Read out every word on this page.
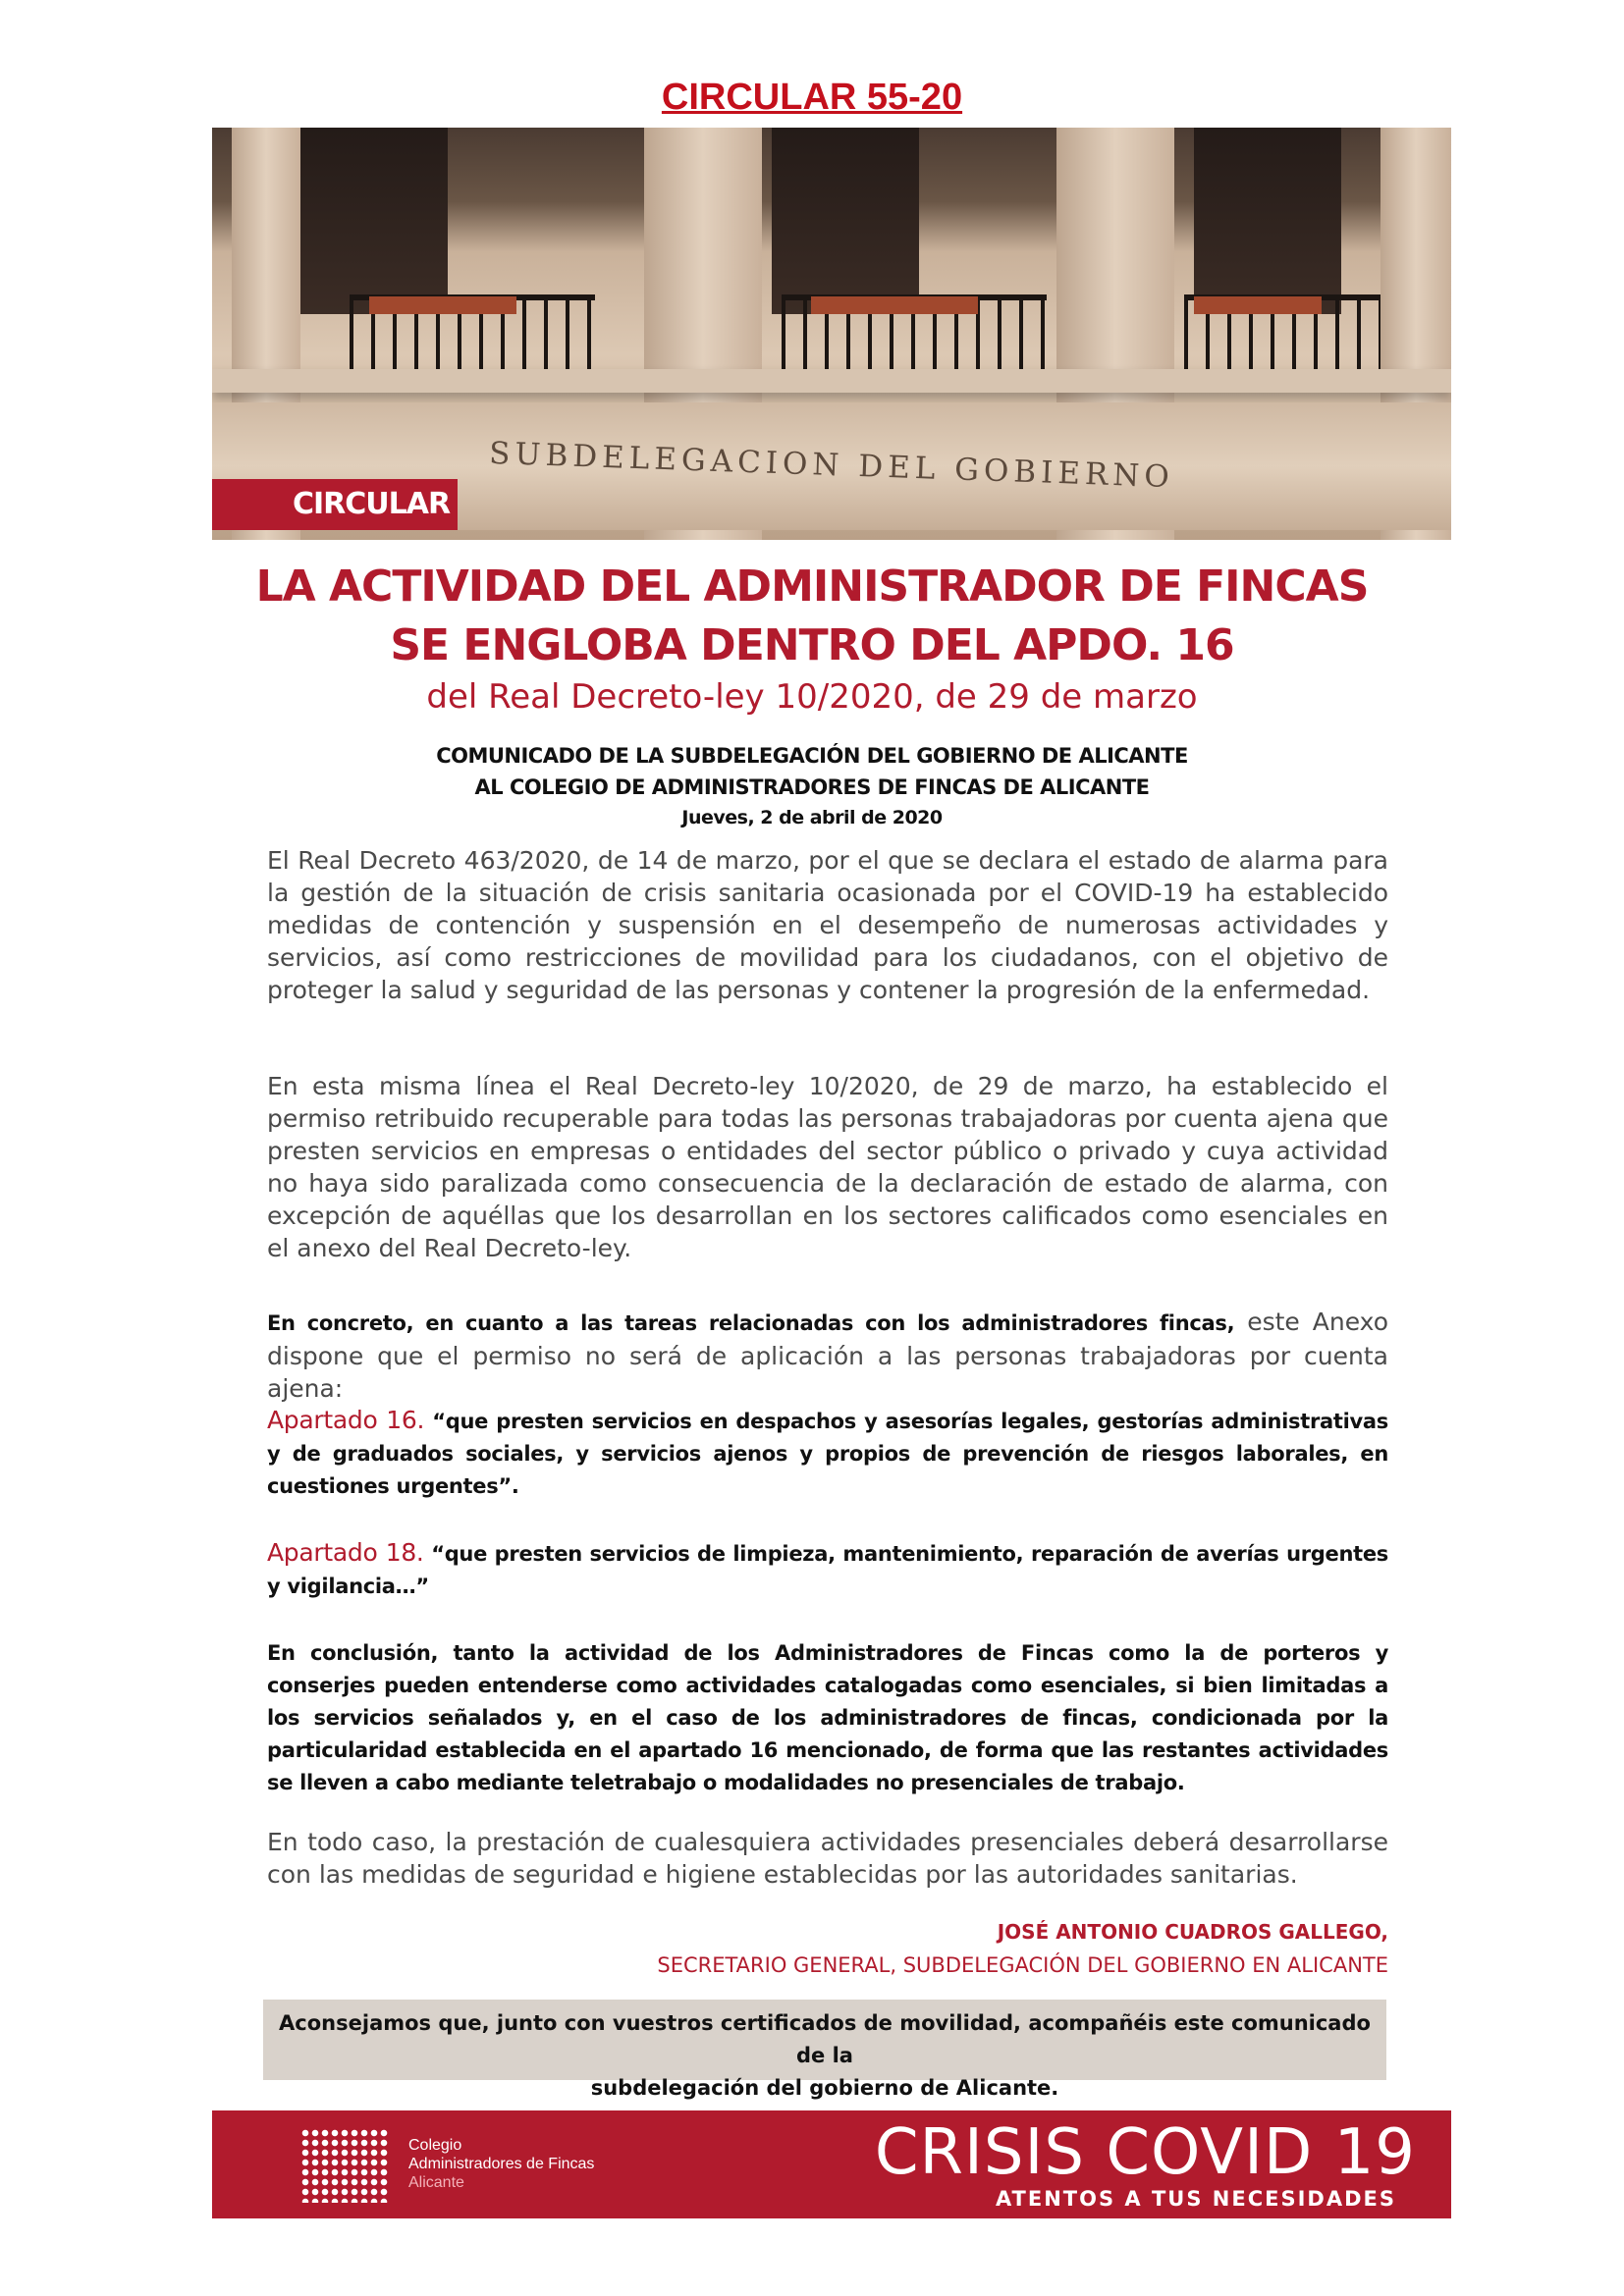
CIRCULAR 55-20
SUBDELEGACION DEL GOBIERNO
CIRCULAR
LA ACTIVIDAD DEL ADMINISTRADOR DE FINCAS
SE ENGLOBA DENTRO DEL APDO. 16
del Real Decreto-ley 10/2020, de 29 de marzo
COMUNICADO DE LA SUBDELEGACIÓN DEL GOBIERNO DE ALICANTE
AL COLEGIO DE ADMINISTRADORES DE FINCAS DE ALICANTE
Jueves, 2 de abril de 2020
El Real Decreto 463/2020, de 14 de marzo, por el que se declara el estado de alarma para la gestión de la situación de crisis sanitaria ocasionada por el COVID-19 ha establecido medidas de contención y suspensión en el desempeño de numerosas actividades y servicios, así como restricciones de movilidad para los ciudadanos, con el objetivo de proteger la salud y seguridad de las personas y contener la progresión de la enfermedad.
En esta misma línea el Real Decreto-ley 10/2020, de 29 de marzo, ha establecido el permiso retribuido recuperable para todas las personas trabajadoras por cuenta ajena que presten servicios en empresas o entidades del sector público o privado y cuya actividad no haya sido paralizada como consecuencia de la declaración de estado de alarma, con excepción de aquéllas que los desarrollan en los sectores calificados como esenciales en el anexo del Real Decreto-ley.
En concreto, en cuanto a las tareas relacionadas con los administradores fincas, este Anexo dispone que el permiso no será de aplicación a las personas trabajadoras por cuenta ajena:
Apartado 16. “que presten servicios en despachos y asesorías legales, gestorías administrativas y de graduados sociales, y servicios ajenos y propios de prevención de riesgos laborales, en cuestiones urgentes”.
Apartado 18. “que presten servicios de limpieza, mantenimiento, reparación de averías urgentes y vigilancia…”
En conclusión, tanto la actividad de los Administradores de Fincas como la de porteros y conserjes pueden entenderse como actividades catalogadas como esenciales, si bien limitadas a los servicios señalados y, en el caso de los administradores de fincas, condicionada por la particularidad establecida en el apartado 16 mencionado, de forma que las restantes actividades se lleven a cabo mediante teletrabajo o modalidades no presenciales de trabajo.
En todo caso, la prestación de cualesquiera actividades presenciales deberá desarrollarse con las medidas de seguridad e higiene establecidas por las autoridades sanitarias.
JOSÉ ANTONIO CUADROS GALLEGO,
SECRETARIO GENERAL, SUBDELEGACIÓN DEL GOBIERNO EN ALICANTE
Aconsejamos que, junto con vuestros certificados de movilidad, acompañéis este comunicado de la
subdelegación del gobierno de Alicante.
Colegio
Administradores de Fincas
Alicante	CRISIS COVID 19
ATENTOS A TUS NECESIDADES
